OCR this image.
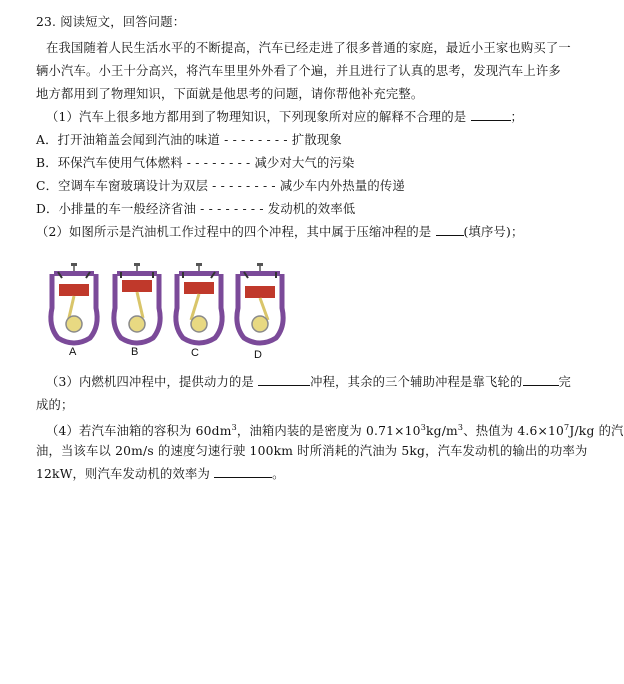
23. 阅读短文，回答问题：
在我国随着人民生活水平的不断提高，汽车已经走进了很多普通的家庭，最近小王家也购买了一
辆小汽车。小王十分高兴，将汽车里里外外看了个遍，并且进行了认真的思考，发现汽车上许多
地方都用到了物理知识，下面就是他思考的问题，请你帮他补充完整。
（1）汽车上很多地方都用到了物理知识，下列现象所对应的解释不合理的是	；
A．打开油箱盖会闻到汽油的味道 - - - - - - - - 扩散现象
B．环保汽车使用气体燃料 - - - - - - - - 减少对大气的污染
C．空调车车窗玻璃设计为双层 - - - - - - - - 减少车内外热量的传递
D．小排量的车一般经济省油 - - - - - - - - 发动机的效率低
（2）如图所示是汽油机工作过程中的四个冲程，其中属于压缩冲程的是	(填序号)；
A	B	C	D
（3）内燃机四冲程中，提供动力的是	冲程，其余的三个辅助冲程是靠飞轮的	完
成的；
（4）若汽车油箱的容积为 $60dm^3$，油箱内装的是密度为 $0.71\times 10^3kg/m^3$、热值为 $4.6\times 10^7J/kg$ 的汽
油，当该车以 20m/s 的速度匀速行驶 100km 时所消耗的汽油为 5kg，汽车发动机的输出的功率为
12kW，则汽车发动机的效率为	。
